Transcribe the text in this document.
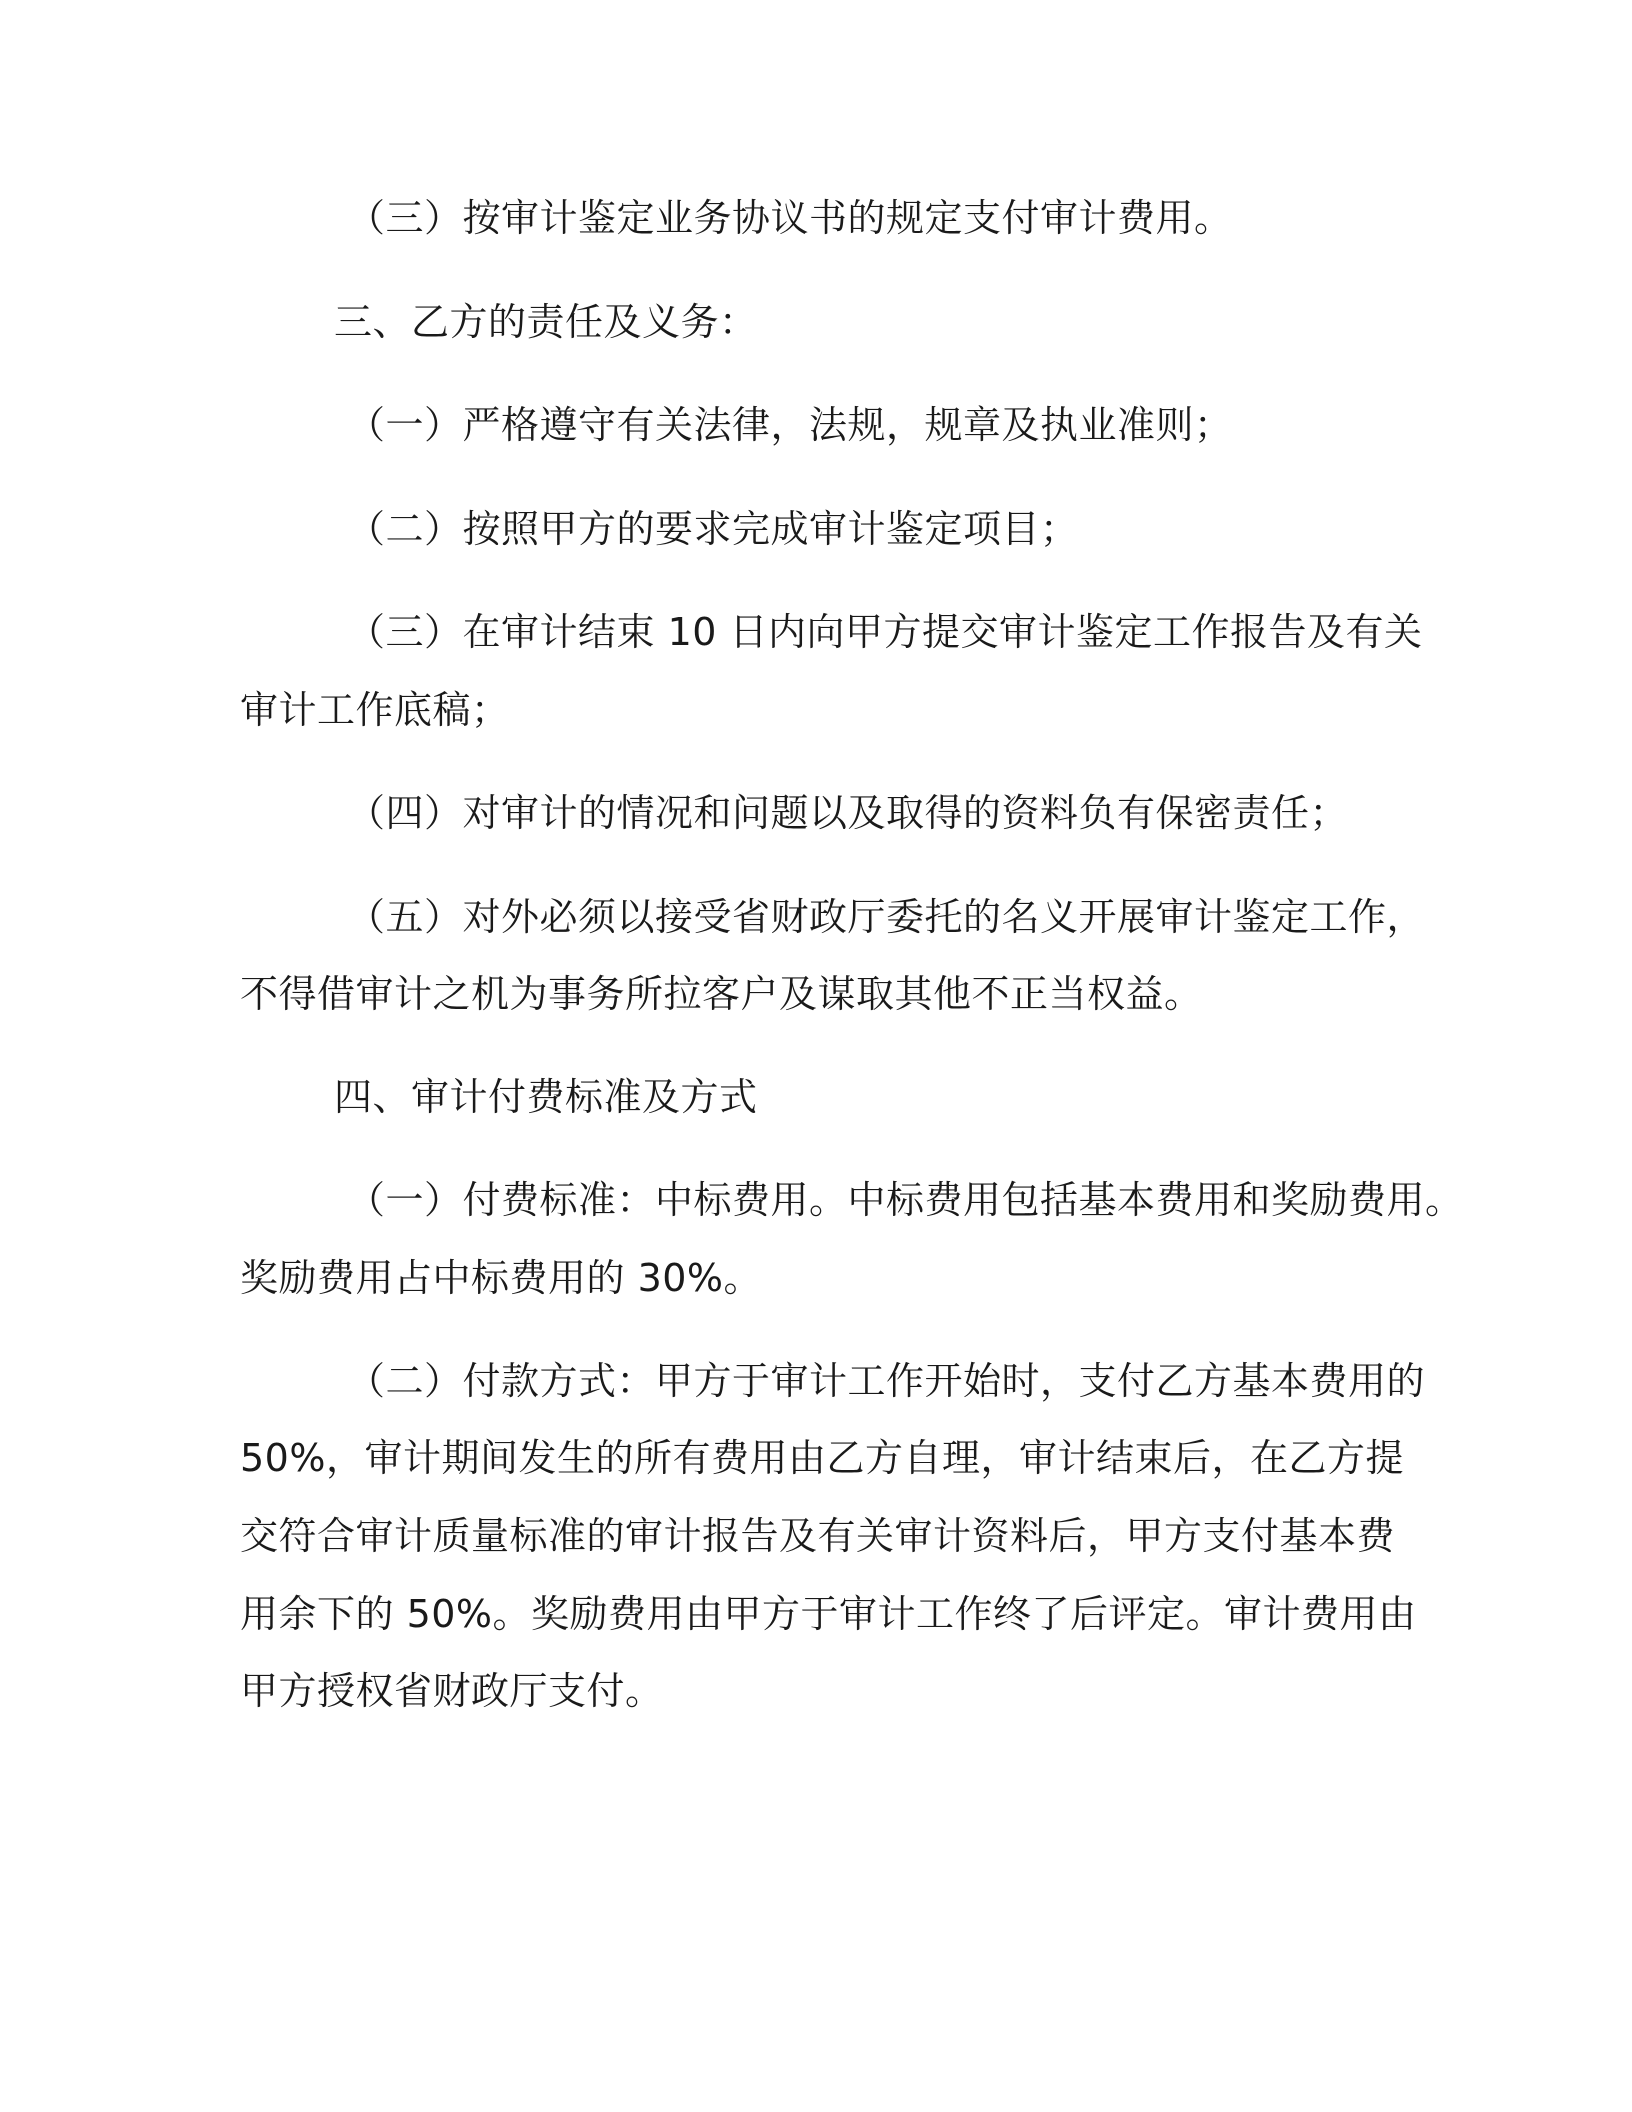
（三）按审计鉴定业务协议书的规定支付审计费用。
三、乙方的责任及义务：
（一）严格遵守有关法律，法规，规章及执业准则；
（二）按照甲方的要求完成审计鉴定项目；
（三）在审计结束 10 日内向甲方提交审计鉴定工作报告及有关
审计工作底稿；
（四）对审计的情况和问题以及取得的资料负有保密责任；
（五）对外必须以接受省财政厅委托的名义开展审计鉴定工作，
不得借审计之机为事务所拉客户及谋取其他不正当权益。
四、审计付费标准及方式
（一）付费标准：中标费用。中标费用包括基本费用和奖励费用。
奖励费用占中标费用的 30%。
（二）付款方式：甲方于审计工作开始时，支付乙方基本费用的
50%，审计期间发生的所有费用由乙方自理，审计结束后，在乙方提
交符合审计质量标准的审计报告及有关审计资料后，甲方支付基本费
用余下的 50%。奖励费用由甲方于审计工作终了后评定。审计费用由
甲方授权省财政厅支付。
